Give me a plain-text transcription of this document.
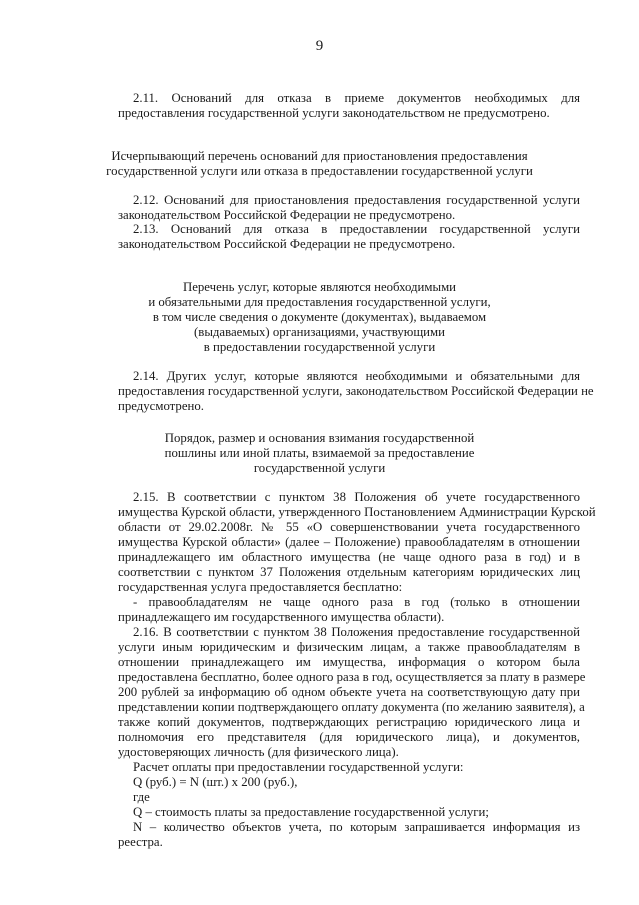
9
2.11. Оснований для отказа в приеме документов необходимых для
предоставления государственной услуги законодательством не предусмотрено.
Исчерпывающий перечень оснований для приостановления предоставления
государственной услуги или отказа в предоставлении государственной услуги
2.12. Оснований для приостановления предоставления государственной услуги
законодательством Российской Федерации не предусмотрено.
2.13. Оснований для отказа в предоставлении государственной услуги
законодательством Российской Федерации не предусмотрено.
Перечень услуг, которые являются необходимыми
и обязательными для предоставления государственной услуги,
в том числе сведения о документе (документах), выдаваемом
(выдаваемых) организациями, участвующими
в предоставлении государственной услуги
2.14. Других услуг, которые являются необходимыми и обязательными для
предоставления государственной услуги, законодательством Российской Федерации не
предусмотрено.
Порядок, размер и основания взимания государственной
пошлины или иной платы, взимаемой за предоставление
государственной услуги
2.15. В соответствии с пунктом 38 Положения об учете государственного
имущества Курской области, утвержденного Постановлением Администрации Курской
области от 29.02.2008г. № 55 «О совершенствовании учета государственного
имущества Курской области» (далее – Положение) правообладателям в отношении
принадлежащего им областного имущества (не чаще одного раза в год) и в
соответствии с пунктом 37 Положения отдельным категориям юридических лиц
государственная услуга предоставляется бесплатно:
- правообладателям не чаще одного раза в год (только в отношении
принадлежащего им государственного имущества области).
2.16. В соответствии с пунктом 38 Положения предоставление государственной
услуги иным юридическим и физическим лицам, а также правообладателям в
отношении принадлежащего им имущества, информация о котором была
предоставлена бесплатно, более одного раза в год, осуществляется за плату в размере
200 рублей за информацию об одном объекте учета на соответствующую дату при
представлении копии подтверждающего оплату документа (по желанию заявителя), а
также копий документов, подтверждающих регистрацию юридического лица и
полномочия его представителя (для юридического лица), и документов,
удостоверяющих личность (для физического лица).
Расчет оплаты при предоставлении государственной услуги:
Q (руб.) = N (шт.) х 200 (руб.),
где
Q – стоимость платы за предоставление государственной услуги;
N – количество объектов учета, по которым запрашивается информация из
реестра.
